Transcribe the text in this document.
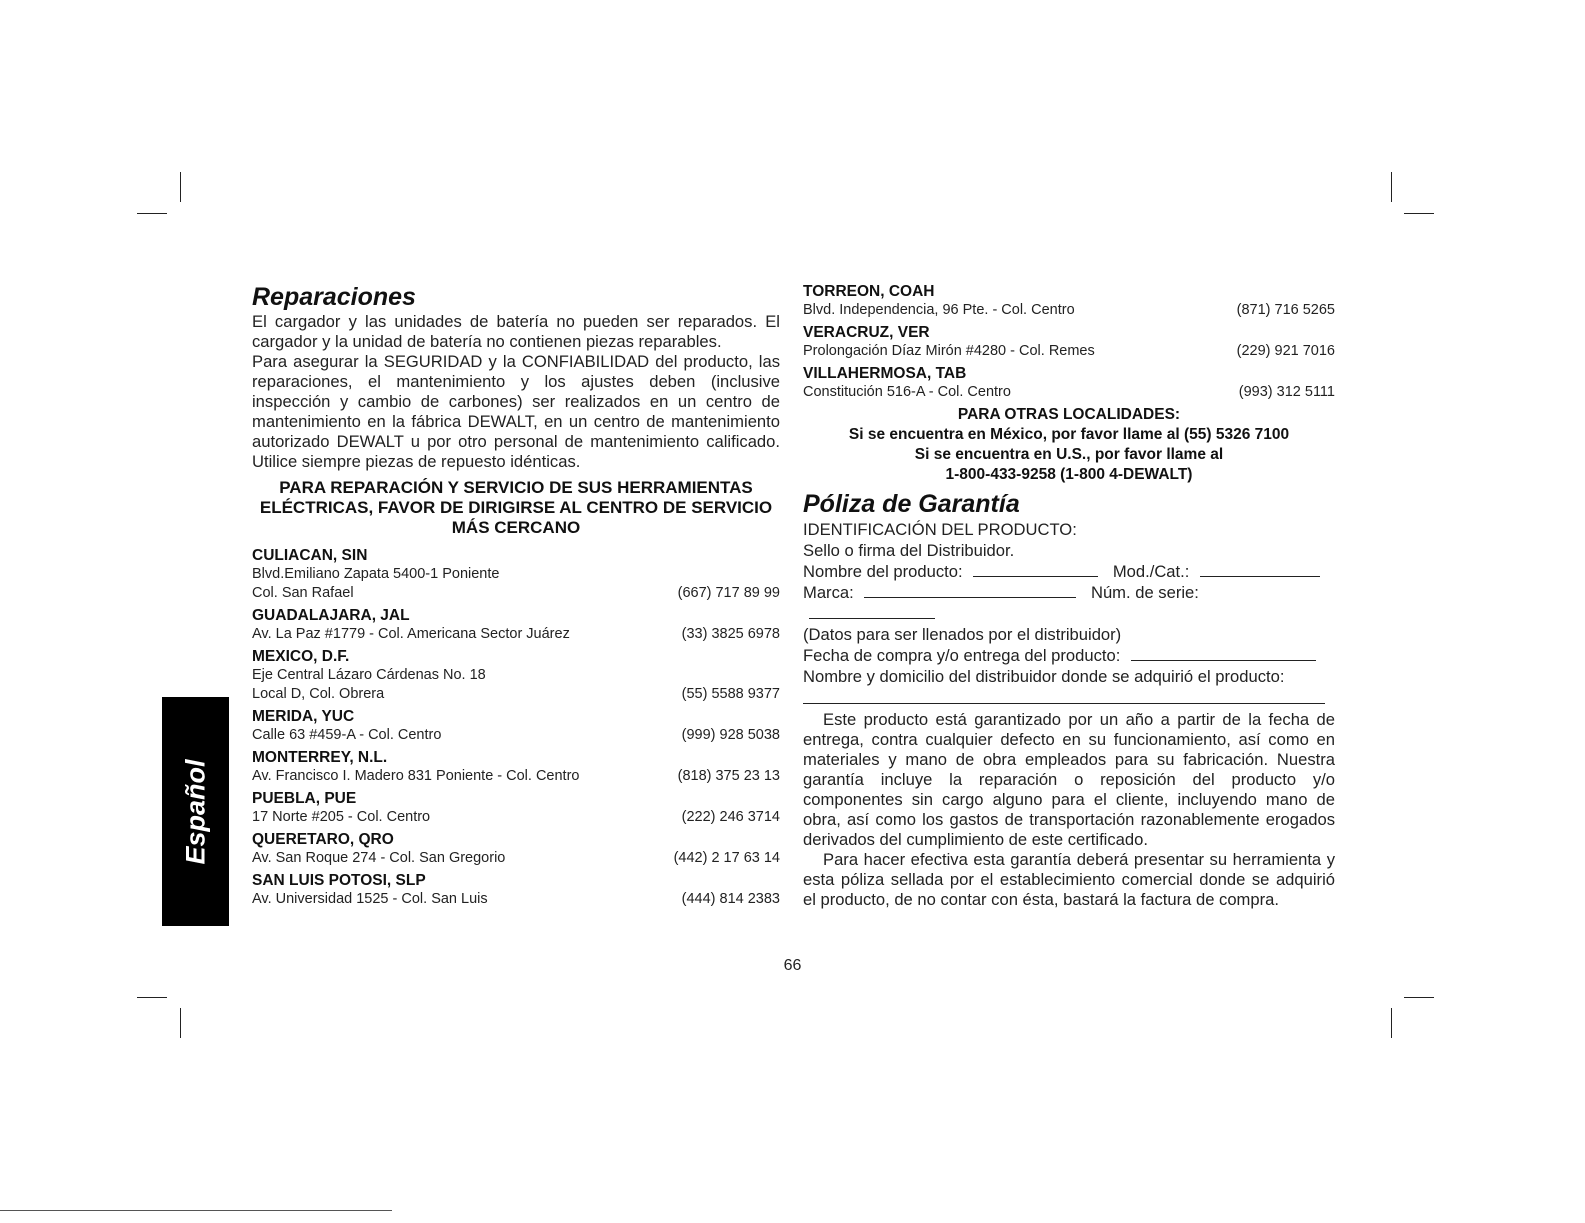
Español
Reparaciones

El cargador y las unidades de batería no pueden ser reparados. El cargador y la unidad de batería no contienen piezas reparables.

Para asegurar la SEGURIDAD y la CONFIABILIDAD del producto, las reparaciones, el mantenimiento y los ajustes deben (inclusive inspección y cambio de carbones) ser realizados en un centro de mantenimiento en la fábrica DEWALT, en un centro de mantenimiento autorizado DEWALT u por otro personal de mantenimiento calificado. Utilice siempre piezas de repuesto idénticas.

PARA REPARACIÓN Y SERVICIO DE SUS HERRAMIENTAS ELÉCTRICAS, FAVOR DE DIRIGIRSE AL CENTRO DE SERVICIO MÁS CERCANO
CULIACAN, SIN
Blvd.Emiliano Zapata 5400-1 Poniente
Col. San Rafael	(667) 717 89 99
GUADALAJARA, JAL
Av. La Paz #1779 - Col. Americana Sector Juárez	(33) 3825 6978
MEXICO, D.F.
Eje Central Lázaro Cárdenas No. 18
Local D, Col. Obrera	(55) 5588 9377
MERIDA, YUC
Calle 63 #459-A - Col. Centro	(999) 928 5038
MONTERREY, N.L.
Av. Francisco I. Madero 831 Poniente - Col. Centro	(818) 375 23 13
PUEBLA, PUE
17 Norte #205 - Col. Centro	(222) 246 3714
QUERETARO, QRO
Av. San Roque 274 - Col. San Gregorio	(442) 2 17 63 14
SAN LUIS POTOSI, SLP
Av. Universidad 1525 - Col. San Luis	(444) 814 2383
TORREON, COAH
Blvd. Independencia, 96 Pte. - Col. Centro	(871) 716 5265
VERACRUZ, VER
Prolongación Díaz Mirón #4280 - Col. Remes	(229) 921 7016
VILLAHERMOSA, TAB
Constitución 516-A - Col. Centro	(993) 312 5111
PARA OTRAS LOCALIDADES:
Si se encuentra en México, por favor llame al (55) 5326 7100
Si se encuentra en U.S., por favor llame al
1-800-433-9258 (1-800 4-DEWALT)
Póliza de Garantía

IDENTIFICACIÓN DEL PRODUCTO:

Sello o firma del Distribuidor.

Nombre del producto:	Mod./Cat.:

Marca:	Núm. de serie:

(Datos para ser llenados por el distribuidor)

Fecha de compra y/o entrega del producto:

Nombre y domicilio del distribuidor donde se adquirió el producto:

Este producto está garantizado por un año a partir de la fecha de entrega, contra cualquier defecto en su funcionamiento, así como en materiales y mano de obra empleados para su fabricación. Nuestra garantía incluye la reparación o reposición del producto y/o componentes sin cargo alguno para el cliente, incluyendo mano de obra, así como los gastos de transportación razonablemente erogados derivados del cumplimiento de este certificado.

Para hacer efectiva esta garantía deberá presentar su herramienta y esta póliza sellada por el establecimiento comercial donde se adquirió el producto, de no contar con ésta, bastará la factura de compra.

66
